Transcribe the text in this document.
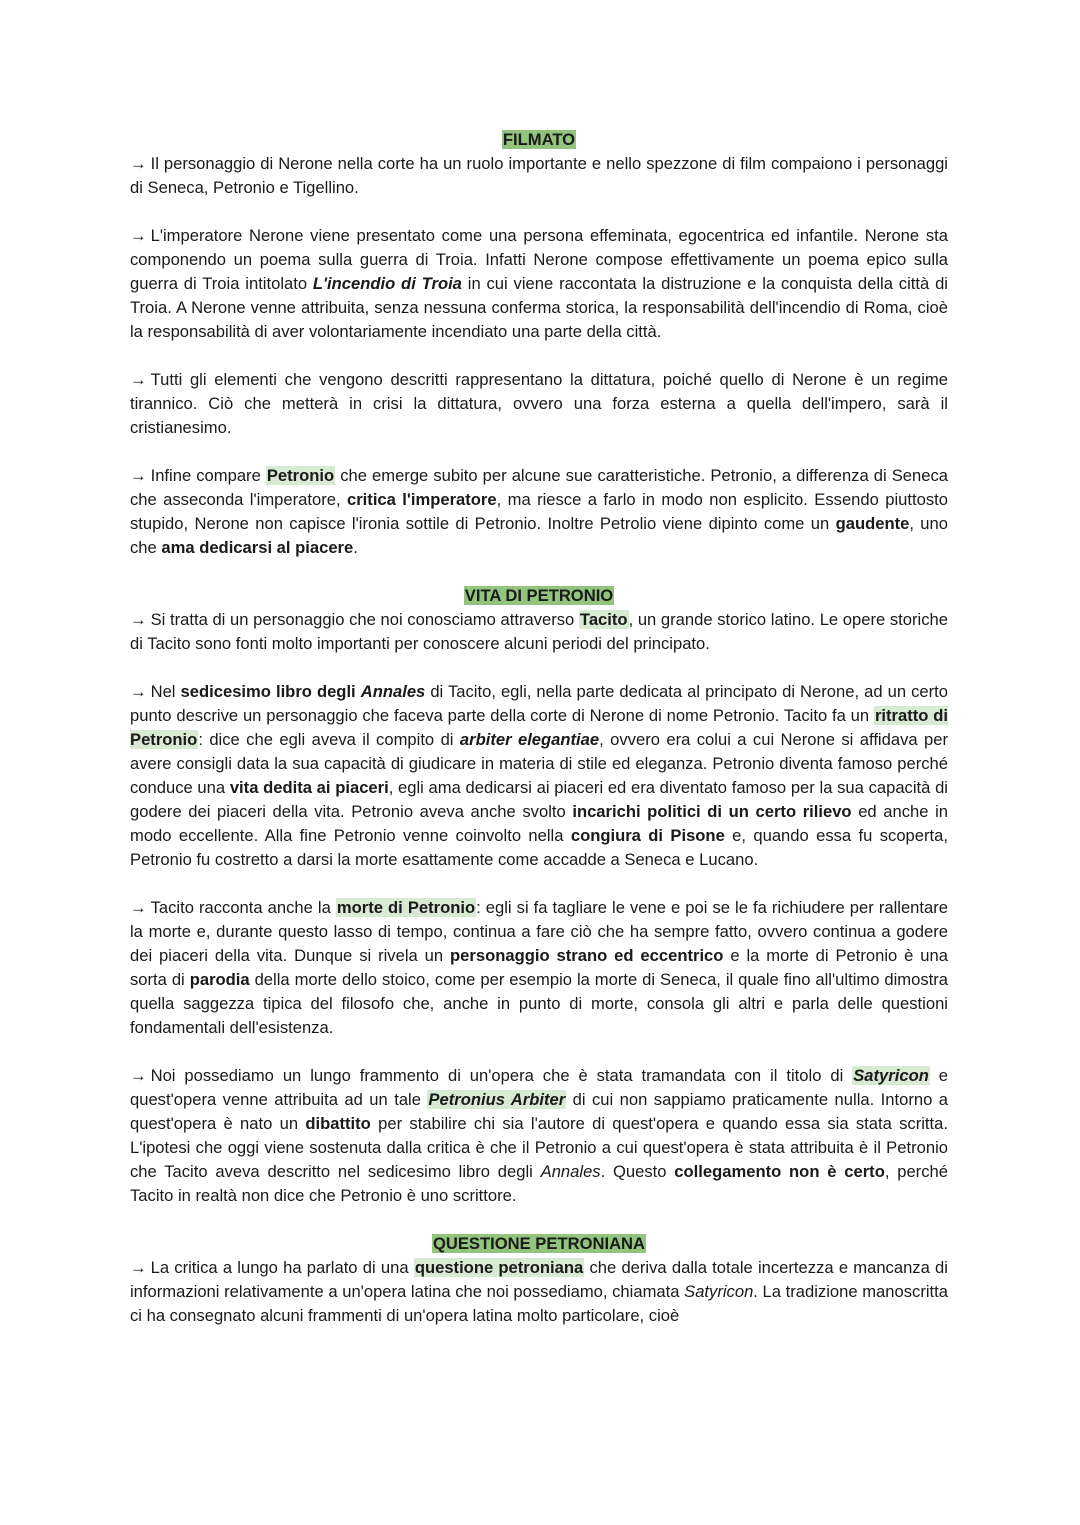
FILMATO

→ Il personaggio di Nerone nella corte ha un ruolo importante e nello spezzone di film compaiono i personaggi di Seneca, Petronio e Tigellino.

→ L'imperatore Nerone viene presentato come una persona effeminata, egocentrica ed infantile. Nerone sta componendo un poema sulla guerra di Troia. Infatti Nerone compose effettivamente un poema epico sulla guerra di Troia intitolato L'incendio di Troia in cui viene raccontata la distruzione e la conquista della città di Troia. A Nerone venne attribuita, senza nessuna conferma storica, la responsabilità dell'incendio di Roma, cioè la responsabilità di aver volontariamente incendiato una parte della città.

→ Tutti gli elementi che vengono descritti rappresentano la dittatura, poiché quello di Nerone è un regime tirannico. Ciò che metterà in crisi la dittatura, ovvero una forza esterna a quella dell'impero, sarà il cristianesimo.

→ Infine compare Petronio che emerge subito per alcune sue caratteristiche. Petronio, a differenza di Seneca che asseconda l'imperatore, critica l'imperatore, ma riesce a farlo in modo non esplicito. Essendo piuttosto stupido, Nerone non capisce l'ironia sottile di Petronio. Inoltre Petrolio viene dipinto come un gaudente, uno che ama dedicarsi al piacere.

VITA DI PETRONIO

→ Si tratta di un personaggio che noi conosciamo attraverso Tacito, un grande storico latino. Le opere storiche di Tacito sono fonti molto importanti per conoscere alcuni periodi del principato.

→ Nel sedicesimo libro degli Annales di Tacito, egli, nella parte dedicata al principato di Nerone, ad un certo punto descrive un personaggio che faceva parte della corte di Nerone di nome Petronio. Tacito fa un ritratto di Petronio: dice che egli aveva il compito di arbiter elegantiae, ovvero era colui a cui Nerone si affidava per avere consigli data la sua capacità di giudicare in materia di stile ed eleganza. Petronio diventa famoso perché conduce una vita dedita ai piaceri, egli ama dedicarsi ai piaceri ed era diventato famoso per la sua capacità di godere dei piaceri della vita. Petronio aveva anche svolto incarichi politici di un certo rilievo ed anche in modo eccellente. Alla fine Petronio venne coinvolto nella congiura di Pisone e, quando essa fu scoperta, Petronio fu costretto a darsi la morte esattamente come accadde a Seneca e Lucano.

→ Tacito racconta anche la morte di Petronio: egli si fa tagliare le vene e poi se le fa richiudere per rallentare la morte e, durante questo lasso di tempo, continua a fare ciò che ha sempre fatto, ovvero continua a godere dei piaceri della vita. Dunque si rivela un personaggio strano ed eccentrico e la morte di Petronio è una sorta di parodia della morte dello stoico, come per esempio la morte di Seneca, il quale fino all'ultimo dimostra quella saggezza tipica del filosofo che, anche in punto di morte, consola gli altri e parla delle questioni fondamentali dell'esistenza.

→ Noi possediamo un lungo frammento di un'opera che è stata tramandata con il titolo di Satyricon e quest'opera venne attribuita ad un tale Petronius Arbiter di cui non sappiamo praticamente nulla. Intorno a quest'opera è nato un dibattito per stabilire chi sia l'autore di quest'opera e quando essa sia stata scritta. L'ipotesi che oggi viene sostenuta dalla critica è che il Petronio a cui quest'opera è stata attribuita è il Petronio che Tacito aveva descritto nel sedicesimo libro degli Annales. Questo collegamento non è certo, perché Tacito in realtà non dice che Petronio è uno scrittore.

QUESTIONE PETRONIANA

→ La critica a lungo ha parlato di una questione petroniana che deriva dalla totale incertezza e mancanza di informazioni relativamente a un'opera latina che noi possediamo, chiamata Satyricon. La tradizione manoscritta ci ha consegnato alcuni frammenti di un'opera latina molto particolare, cioè
